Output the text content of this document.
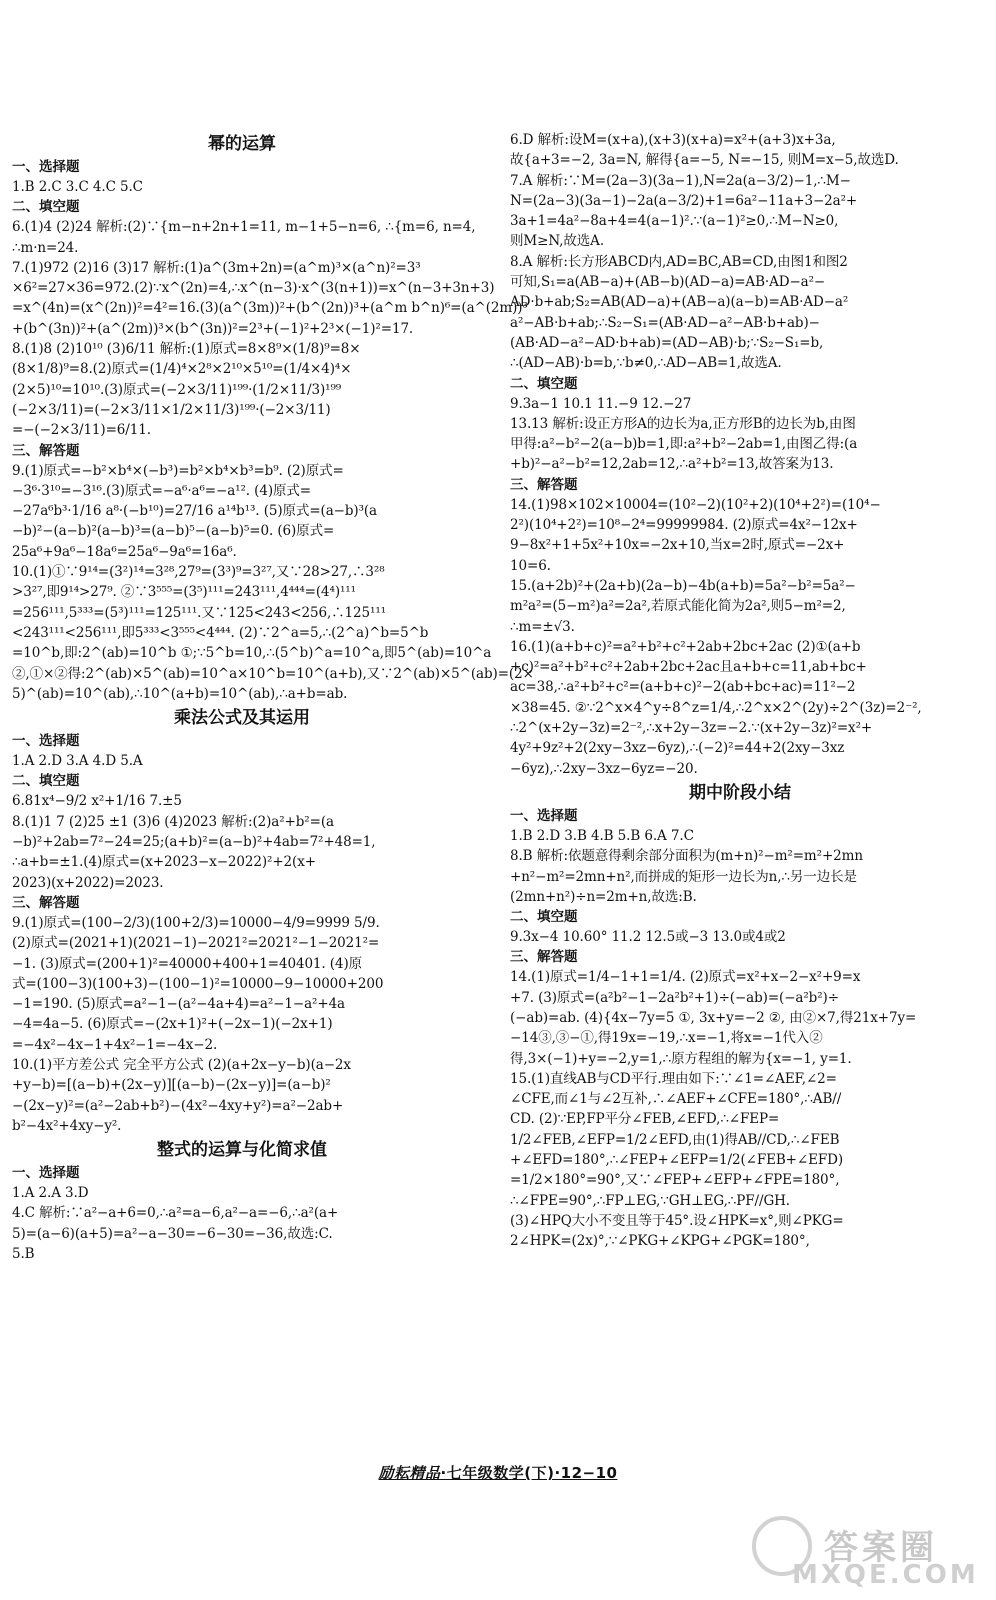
幂的运算
一、选择题
1.B 2.C 3.C 4.C 5.C
二、填空题
6.(1)4 (2)24 解析:(2)∵{m−n+2n+1=11, m−1+5−n=6, ∴{m=6, n=4,
∴m·n=24.
7.(1)972 (2)16 (3)17 解析:(1)a^(3m+2n)=(a^m)³×(a^n)²=3³
×6²=27×36=972.(2)∵x^(2n)=4,∴x^(n−3)·x^(3(n+1))=x^(n−3+3n+3)
=x^(4n)=(x^(2n))²=4²=16.(3)(a^(3m))²+(b^(2n))³+(a^m b^n)⁶=(a^(2m))³
+(b^(3n))²+(a^(2m))³×(b^(3n))²=2³+(−1)²+2³×(−1)²=17.
8.(1)8 (2)10¹⁰ (3)6/11 解析:(1)原式=8×8⁹×(1/8)⁹=8×
(8×1/8)⁹=8.(2)原式=(1/4)⁴×2⁸×2¹⁰×5¹⁰=(1/4×4)⁴×
(2×5)¹⁰=10¹⁰.(3)原式=(−2×3/11)¹⁹⁹·(1/2×11/3)¹⁹⁹
(−2×3/11)=(−2×3/11×1/2×11/3)¹⁹⁹·(−2×3/11)
=−(−2×3/11)=6/11.
三、解答题
9.(1)原式=−b²×b⁴×(−b³)=b²×b⁴×b³=b⁹. (2)原式=
−3⁶·3¹⁰=−3¹⁶.(3)原式=−a⁶·a⁶=−a¹². (4)原式=
−27a⁶b³·1/16 a⁸·(−b¹⁰)=27/16 a¹⁴b¹³. (5)原式=(a−b)³(a
−b)²−(a−b)²(a−b)³=(a−b)⁵−(a−b)⁵=0. (6)原式=
25a⁶+9a⁶−18a⁶=25a⁶−9a⁶=16a⁶.
10.(1)①∵9¹⁴=(3²)¹⁴=3²⁸,27⁹=(3³)⁹=3²⁷,又∵28>27,∴3²⁸
>3²⁷,即9¹⁴>27⁹. ②∵3⁵⁵⁵=(3⁵)¹¹¹=243¹¹¹,4⁴⁴⁴=(4⁴)¹¹¹
=256¹¹¹,5³³³=(5³)¹¹¹=125¹¹¹.又∵125<243<256,∴125¹¹¹
<243¹¹¹<256¹¹¹,即5³³³<3⁵⁵⁵<4⁴⁴⁴. (2)∵2^a=5,∴(2^a)^b=5^b
=10^b,即:2^(ab)=10^b ①;∵5^b=10,∴(5^b)^a=10^a,即5^(ab)=10^a
②,①×②得:2^(ab)×5^(ab)=10^a×10^b=10^(a+b),又∵2^(ab)×5^(ab)=(2×
5)^(ab)=10^(ab),∴10^(a+b)=10^(ab),∴a+b=ab.
乘法公式及其运用
一、选择题
1.A 2.D 3.A 4.D 5.A
二、填空题
6.81x⁴−9/2 x²+1/16 7.±5
8.(1)1 7 (2)25 ±1 (3)6 (4)2023 解析:(2)a²+b²=(a
−b)²+2ab=7²−24=25;(a+b)²=(a−b)²+4ab=7²+48=1,
∴a+b=±1.(4)原式=(x+2023−x−2022)²+2(x+
2023)(x+2022)=2023.
三、解答题
9.(1)原式=(100−2/3)(100+2/3)=10000−4/9=9999 5/9.
(2)原式=(2021+1)(2021−1)−2021²=2021²−1−2021²=
−1. (3)原式=(200+1)²=40000+400+1=40401. (4)原
式=(100−3)(100+3)−(100−1)²=10000−9−10000+200
−1=190. (5)原式=a²−1−(a²−4a+4)=a²−1−a²+4a
−4=4a−5. (6)原式=−(2x+1)²+(−2x−1)(−2x+1)
=−4x²−4x−1+4x²−1=−4x−2.
10.(1)平方差公式 完全平方公式 (2)(a+2x−y−b)(a−2x
+y−b)=[(a−b)+(2x−y)][(a−b)−(2x−y)]=(a−b)²
−(2x−y)²=(a²−2ab+b²)−(4x²−4xy+y²)=a²−2ab+
b²−4x²+4xy−y².
整式的运算与化简求值
一、选择题
1.A 2.A 3.D
4.C 解析:∵a²−a+6=0,∴a²=a−6,a²−a=−6,∴a²(a+
5)=(a−6)(a+5)=a²−a−30=−6−30=−36,故选:C.
5.B
6.D 解析:设M=(x+a),(x+3)(x+a)=x²+(a+3)x+3a,
故{a+3=−2, 3a=N, 解得{a=−5, N=−15, 则M=x−5,故选D.
7.A 解析:∵M=(2a−3)(3a−1),N=2a(a−3/2)−1,∴M−
N=(2a−3)(3a−1)−2a(a−3/2)+1=6a²−11a+3−2a²+
3a+1=4a²−8a+4=4(a−1)².∵(a−1)²≥0,∴M−N≥0,
则M≥N,故选A.
8.A 解析:长方形ABCD内,AD=BC,AB=CD,由图1和图2
可知,S₁=a(AB−a)+(AB−b)(AD−a)=AB·AD−a²−
AD·b+ab;S₂=AB(AD−a)+(AB−a)(a−b)=AB·AD−a²
a²−AB·b+ab;∴S₂−S₁=(AB·AD−a²−AB·b+ab)−
(AB·AD−a²−AD·b+ab)=(AD−AB)·b;∵S₂−S₁=b,
∴(AD−AB)·b=b,∵b≠0,∴AD−AB=1,故选A.
二、填空题
9.3a−1 10.1 11.−9 12.−27
13.13 解析:设正方形A的边长为a,正方形B的边长为b,由图
甲得:a²−b²−2(a−b)b=1,即:a²+b²−2ab=1,由图乙得:(a
+b)²−a²−b²=12,2ab=12,∴a²+b²=13,故答案为13.
三、解答题
14.(1)98×102×10004=(10²−2)(10²+2)(10⁴+2²)=(10⁴−
2²)(10⁴+2²)=10⁸−2⁴=99999984. (2)原式=4x²−12x+
9−8x²+1+5x²+10x=−2x+10,当x=2时,原式=−2x+
10=6.
15.(a+2b)²+(2a+b)(2a−b)−4b(a+b)=5a²−b²=5a²−
m²a²=(5−m²)a²=2a²,若原式能化简为2a²,则5−m²=2,
∴m=±√3.
16.(1)(a+b+c)²=a²+b²+c²+2ab+2bc+2ac (2)①(a+b
+c)²=a²+b²+c²+2ab+2bc+2ac且a+b+c=11,ab+bc+
ac=38,∴a²+b²+c²=(a+b+c)²−2(ab+bc+ac)=11²−2
×38=45. ②∵2^x×4^y÷8^z=1/4,∴2^x×2^(2y)÷2^(3z)=2⁻²,
∴2^(x+2y−3z)=2⁻²,∴x+2y−3z=−2.∵(x+2y−3z)²=x²+
4y²+9z²+2(2xy−3xz−6yz),∴(−2)²=44+2(2xy−3xz
−6yz),∴2xy−3xz−6yz=−20.
期中阶段小结
一、选择题
1.B 2.D 3.B 4.B 5.B 6.A 7.C
8.B 解析:依题意得剩余部分面积为(m+n)²−m²=m²+2mn
+n²−m²=2mn+n²,而拼成的矩形一边长为n,∴另一边长是
(2mn+n²)÷n=2m+n,故选:B.
二、填空题
9.3x−4 10.60° 11.2 12.5或−3 13.0或4或2
三、解答题
14.(1)原式=1/4−1+1=1/4. (2)原式=x²+x−2−x²+9=x
+7. (3)原式=(a²b²−1−2a²b²+1)÷(−ab)=(−a²b²)÷
(−ab)=ab. (4){4x−7y=5 ①, 3x+y=−2 ②, 由②×7,得21x+7y=
−14③,③−①,得19x=−19,∴x=−1,将x=−1代入②
得,3×(−1)+y=−2,y=1,∴原方程组的解为{x=−1, y=1.
15.(1)直线AB与CD平行.理由如下:∵∠1=∠AEF,∠2=
∠CFE,而∠1与∠2互补,∴∠AEF+∠CFE=180°,∴AB//
CD. (2)∵EP,FP平分∠FEB,∠EFD,∴∠FEP=
1/2∠FEB,∠EFP=1/2∠EFD,由(1)得AB//CD,∴∠FEB
+∠EFD=180°,∴∠FEP+∠EFP=1/2(∠FEB+∠EFD)
=1/2×180°=90°,又∵∠FEP+∠EFP+∠FPE=180°,
∴∠FPE=90°,∴FP⊥EG,∵GH⊥EG,∴PF//GH.
(3)∠HPQ大小不变且等于45°.设∠HPK=x°,则∠PKG=
2∠HPK=(2x)°,∵∠PKG+∠KPG+∠PGK=180°,
励耘精品·七年级数学(下)·12−10
答案圈
MXQE.COM
